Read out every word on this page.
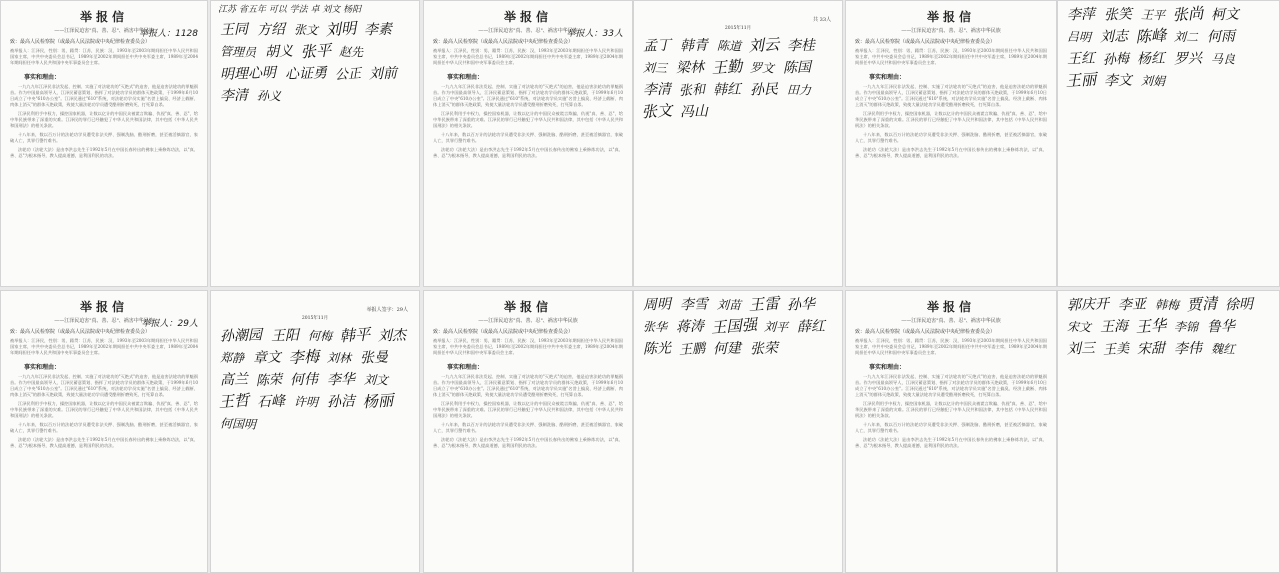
举报信
——江泽民迫害"真、善、忍"、祸害中华民族
致：最高人民检察院（或最高人民法院或中央纪律检查委员会）
被举报人：江泽民，性别：男，籍贯：江苏，民族：汉，1993年至2003年期间担任中华人民共和国国家主席，中共中央委员会总书记，1989年至2002年期间担任中共中央军委主席，1989年至2004年期间担任中华人民共和国中央军事委员会主席。
事实和理由：

一九九九年江泽民非法发起、控制、实施了对法轮功的"灭绝式"的迫害，他是迫害法轮功的罪魁祸首。作为中国最高领导人，江泽民蓄意策划、指挥了对法轮功学员的群体灭绝政策，于1999年6月10日成立了中央"610办公室"。江泽民通过"610"系统，对法轮功学员实施"名誉上搞臭、经济上截断、肉体上消灭"的群体灭绝政策，致使大量法轮功学员遭受酷刑折磨致死，打死算自杀。

江泽民利用手中权力，操控国家机器，让数以亿计的中国民众被谎言欺骗、仇视"真、善、忍"，给中华民族带来了深重的灾难。江泽民的罪行已经触犯了中华人民共和国法律，其中包括《中华人民共和国刑法》的相关条款。

十八年来，数以百万计的法轮功学员遭受非法关押、强制洗脑、酷刑折磨，甚至被活摘器官，家破人亡，其罪行罄竹难书。

法轮功（法轮大法）是由李洪志先生于1992年5月在中国长春传出的佛家上乘修炼功法，以"真、善、忍"为根本指导，教人提高道德，是利国利民的功法。

举报人：1128
江苏 省五年 可以 学法 卓 刘文 杨阳
王同 方绍 张文 刘明 李素
管理员 胡义 张平 赵先
明理心明 心证勇 公正 刘前
李清 孙义
举报信
——江泽民迫害"真、善、忍"、祸害中华民族
致：最高人民检察院（或最高人民法院或中央纪律检查委员会）
被举报人：江泽民，性别：男，籍贯：江苏，民族：汉，1993年至2003年期间担任中华人民共和国国家主席，中共中央委员会总书记，1989年至2002年期间担任中共中央军委主席，1989年至2004年期间担任中华人民共和国中央军事委员会主席。
事实和理由：

一九九九年江泽民非法发起、控制、实施了对法轮功的"灭绝式"的迫害，他是迫害法轮功的罪魁祸首。作为中国最高领导人，江泽民蓄意策划、指挥了对法轮功学员的群体灭绝政策，于1999年6月10日成立了中央"610办公室"。江泽民通过"610"系统，对法轮功学员实施"名誉上搞臭、经济上截断、肉体上消灭"的群体灭绝政策，致使大量法轮功学员遭受酷刑折磨致死，打死算自杀。

江泽民利用手中权力，操控国家机器，让数以亿计的中国民众被谎言欺骗、仇视"真、善、忍"，给中华民族带来了深重的灾难。江泽民的罪行已经触犯了中华人民共和国法律，其中包括《中华人民共和国刑法》的相关条款。

十八年来，数以百万计的法轮功学员遭受非法关押、强制洗脑、酷刑折磨，甚至被活摘器官，家破人亡，其罪行罄竹难书。

法轮功（法轮大法）是由李洪志先生于1992年5月在中国长春传出的佛家上乘修炼功法，以"真、善、忍"为根本指导，教人提高道德，是利国利民的功法。

举报人：33人
共 33人
2015年11月
孟丁 韩青 陈道 刘云 李桂
刘三 梁林 王勤 罗文 陈国
李清 张和 韩红 孙民 田力
张文 冯山
举报信
——江泽民迫害"真、善、忍"、祸害中华民族
致：最高人民检察院（或最高人民法院或中央纪律检查委员会）
被举报人：江泽民，性别：男，籍贯：江苏，民族：汉，1993年至2003年期间担任中华人民共和国国家主席，中共中央委员会总书记，1989年至2002年期间担任中共中央军委主席，1989年至2004年期间担任中华人民共和国中央军事委员会主席。
事实和理由：

一九九九年江泽民非法发起、控制、实施了对法轮功的"灭绝式"的迫害，他是迫害法轮功的罪魁祸首。作为中国最高领导人，江泽民蓄意策划、指挥了对法轮功学员的群体灭绝政策，于1999年6月10日成立了中央"610办公室"。江泽民通过"610"系统，对法轮功学员实施"名誉上搞臭、经济上截断、肉体上消灭"的群体灭绝政策，致使大量法轮功学员遭受酷刑折磨致死，打死算自杀。

江泽民利用手中权力，操控国家机器，让数以亿计的中国民众被谎言欺骗、仇视"真、善、忍"，给中华民族带来了深重的灾难。江泽民的罪行已经触犯了中华人民共和国法律，其中包括《中华人民共和国刑法》的相关条款。

十八年来，数以百万计的法轮功学员遭受非法关押、强制洗脑、酷刑折磨，甚至被活摘器官，家破人亡，其罪行罄竹难书。

法轮功（法轮大法）是由李洪志先生于1992年5月在中国长春传出的佛家上乘修炼功法，以"真、善、忍"为根本指导，教人提高道德，是利国利民的功法。

李萍 张笑 王平 张尚 柯文
吕明 刘志 陈峰 刘二 何雨
王红 孙梅 杨红 罗兴 马良
王丽 李文 刘娟
举报信
——江泽民迫害"真、善、忍"、祸害中华民族
致：最高人民检察院（或最高人民法院或中央纪律检查委员会）
被举报人：江泽民，性别：男，籍贯：江苏，民族：汉，1993年至2003年期间担任中华人民共和国国家主席，中共中央委员会总书记，1989年至2002年期间担任中共中央军委主席，1989年至2004年期间担任中华人民共和国中央军事委员会主席。
事实和理由：

一九九九年江泽民非法发起、控制、实施了对法轮功的"灭绝式"的迫害，他是迫害法轮功的罪魁祸首。作为中国最高领导人，江泽民蓄意策划、指挥了对法轮功学员的群体灭绝政策，于1999年6月10日成立了中央"610办公室"。江泽民通过"610"系统，对法轮功学员实施"名誉上搞臭、经济上截断、肉体上消灭"的群体灭绝政策，致使大量法轮功学员遭受酷刑折磨致死，打死算自杀。

江泽民利用手中权力，操控国家机器，让数以亿计的中国民众被谎言欺骗、仇视"真、善、忍"，给中华民族带来了深重的灾难。江泽民的罪行已经触犯了中华人民共和国法律，其中包括《中华人民共和国刑法》的相关条款。

十八年来，数以百万计的法轮功学员遭受非法关押、强制洗脑、酷刑折磨，甚至被活摘器官，家破人亡，其罪行罄竹难书。

法轮功（法轮大法）是由李洪志先生于1992年5月在中国长春传出的佛家上乘修炼功法，以"真、善、忍"为根本指导，教人提高道德，是利国利民的功法。

举报人：29人
举报人签字：29人
2015年11月
孙潮园 王阳 何梅 韩平 刘杰
郑静 章文 李梅 刘林 张曼
高兰 陈荣 何伟 李华 刘文
王哲 石峰 许明 孙洁 杨丽
何国明
举报信
——江泽民迫害"真、善、忍"、祸害中华民族
致：最高人民检察院（或最高人民法院或中央纪律检查委员会）
被举报人：江泽民，性别：男，籍贯：江苏，民族：汉，1993年至2003年期间担任中华人民共和国国家主席，中共中央委员会总书记，1989年至2002年期间担任中共中央军委主席，1989年至2004年期间担任中华人民共和国中央军事委员会主席。
事实和理由：

一九九九年江泽民非法发起、控制、实施了对法轮功的"灭绝式"的迫害，他是迫害法轮功的罪魁祸首。作为中国最高领导人，江泽民蓄意策划、指挥了对法轮功学员的群体灭绝政策，于1999年6月10日成立了中央"610办公室"。江泽民通过"610"系统，对法轮功学员实施"名誉上搞臭、经济上截断、肉体上消灭"的群体灭绝政策，致使大量法轮功学员遭受酷刑折磨致死，打死算自杀。

江泽民利用手中权力，操控国家机器，让数以亿计的中国民众被谎言欺骗、仇视"真、善、忍"，给中华民族带来了深重的灾难。江泽民的罪行已经触犯了中华人民共和国法律，其中包括《中华人民共和国刑法》的相关条款。

十八年来，数以百万计的法轮功学员遭受非法关押、强制洗脑、酷刑折磨，甚至被活摘器官，家破人亡，其罪行罄竹难书。

法轮功（法轮大法）是由李洪志先生于1992年5月在中国长春传出的佛家上乘修炼功法，以"真、善、忍"为根本指导，教人提高道德，是利国利民的功法。

周明 李雪 刘苗 王雷 孙华
张华 蒋涛 王国强 刘平 薛红
陈光 王鹏 何建 张荣
举报信
——江泽民迫害"真、善、忍"、祸害中华民族
致：最高人民检察院（或最高人民法院或中央纪律检查委员会）
被举报人：江泽民，性别：男，籍贯：江苏，民族：汉，1993年至2003年期间担任中华人民共和国国家主席，中共中央委员会总书记，1989年至2002年期间担任中共中央军委主席，1989年至2004年期间担任中华人民共和国中央军事委员会主席。
事实和理由：

一九九九年江泽民非法发起、控制、实施了对法轮功的"灭绝式"的迫害，他是迫害法轮功的罪魁祸首。作为中国最高领导人，江泽民蓄意策划、指挥了对法轮功学员的群体灭绝政策，于1999年6月10日成立了中央"610办公室"。江泽民通过"610"系统，对法轮功学员实施"名誉上搞臭、经济上截断、肉体上消灭"的群体灭绝政策，致使大量法轮功学员遭受酷刑折磨致死，打死算自杀。

江泽民利用手中权力，操控国家机器，让数以亿计的中国民众被谎言欺骗、仇视"真、善、忍"，给中华民族带来了深重的灾难。江泽民的罪行已经触犯了中华人民共和国法律，其中包括《中华人民共和国刑法》的相关条款。

十八年来，数以百万计的法轮功学员遭受非法关押、强制洗脑、酷刑折磨，甚至被活摘器官，家破人亡，其罪行罄竹难书。

法轮功（法轮大法）是由李洪志先生于1992年5月在中国长春传出的佛家上乘修炼功法，以"真、善、忍"为根本指导，教人提高道德，是利国利民的功法。

郭庆开 李亚 韩梅 贾清 徐明
宋文 王海 王华 李锦 鲁华
刘三 王美 宋甜 李伟 魏红
